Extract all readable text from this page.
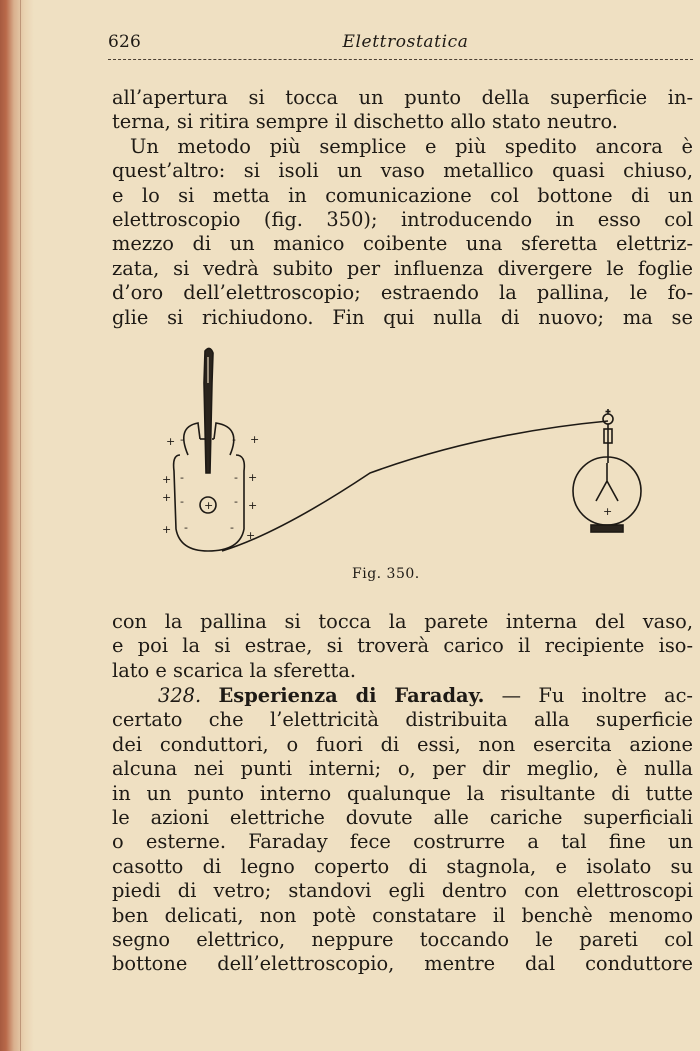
626	Elettrostatica
all’apertura si tocca un punto della superficie in-
terna, si ritira sempre il dischetto allo stato neutro.
Un metodo più semplice e più spedito ancora è
quest’altro: si isoli un vaso metallico quasi chiuso,
e lo si metta in comunicazione col bottone di un
elettroscopio (fig. 350); introducendo in esso col
mezzo di un manico coibente una sferetta elettriz-
zata, si vedrà subito per influenza divergere le foglie
d’oro dell’elettroscopio; estraendo la pallina, le fo-
glie si richiudono. Fin qui nulla di nuovo; ma se
+	+
+
+
+
+
+	+
-	-
-	-
-	-
-	-
+	+
Fig. 350.
con la pallina si tocca la parete interna del vaso,
e poi la si estrae, si troverà carico il recipiente iso-
lato e scarica la sferetta.
328. Esperienza di Faraday. — Fu inoltre ac-
certato che l’elettricità distribuita alla superficie
dei conduttori, o fuori di essi, non esercita azione
alcuna nei punti interni; o, per dir meglio, è nulla
in un punto interno qualunque la risultante di tutte
le azioni elettriche dovute alle cariche superficiali
o esterne. Faraday fece costrurre a tal fine un
casotto di legno coperto di stagnola, e isolato su
piedi di vetro; standovi egli dentro con elettroscopi
ben delicati, non potè constatare il benchè menomo
segno elettrico, neppure toccando le pareti col
bottone dell’elettroscopio, mentre dal conduttore
